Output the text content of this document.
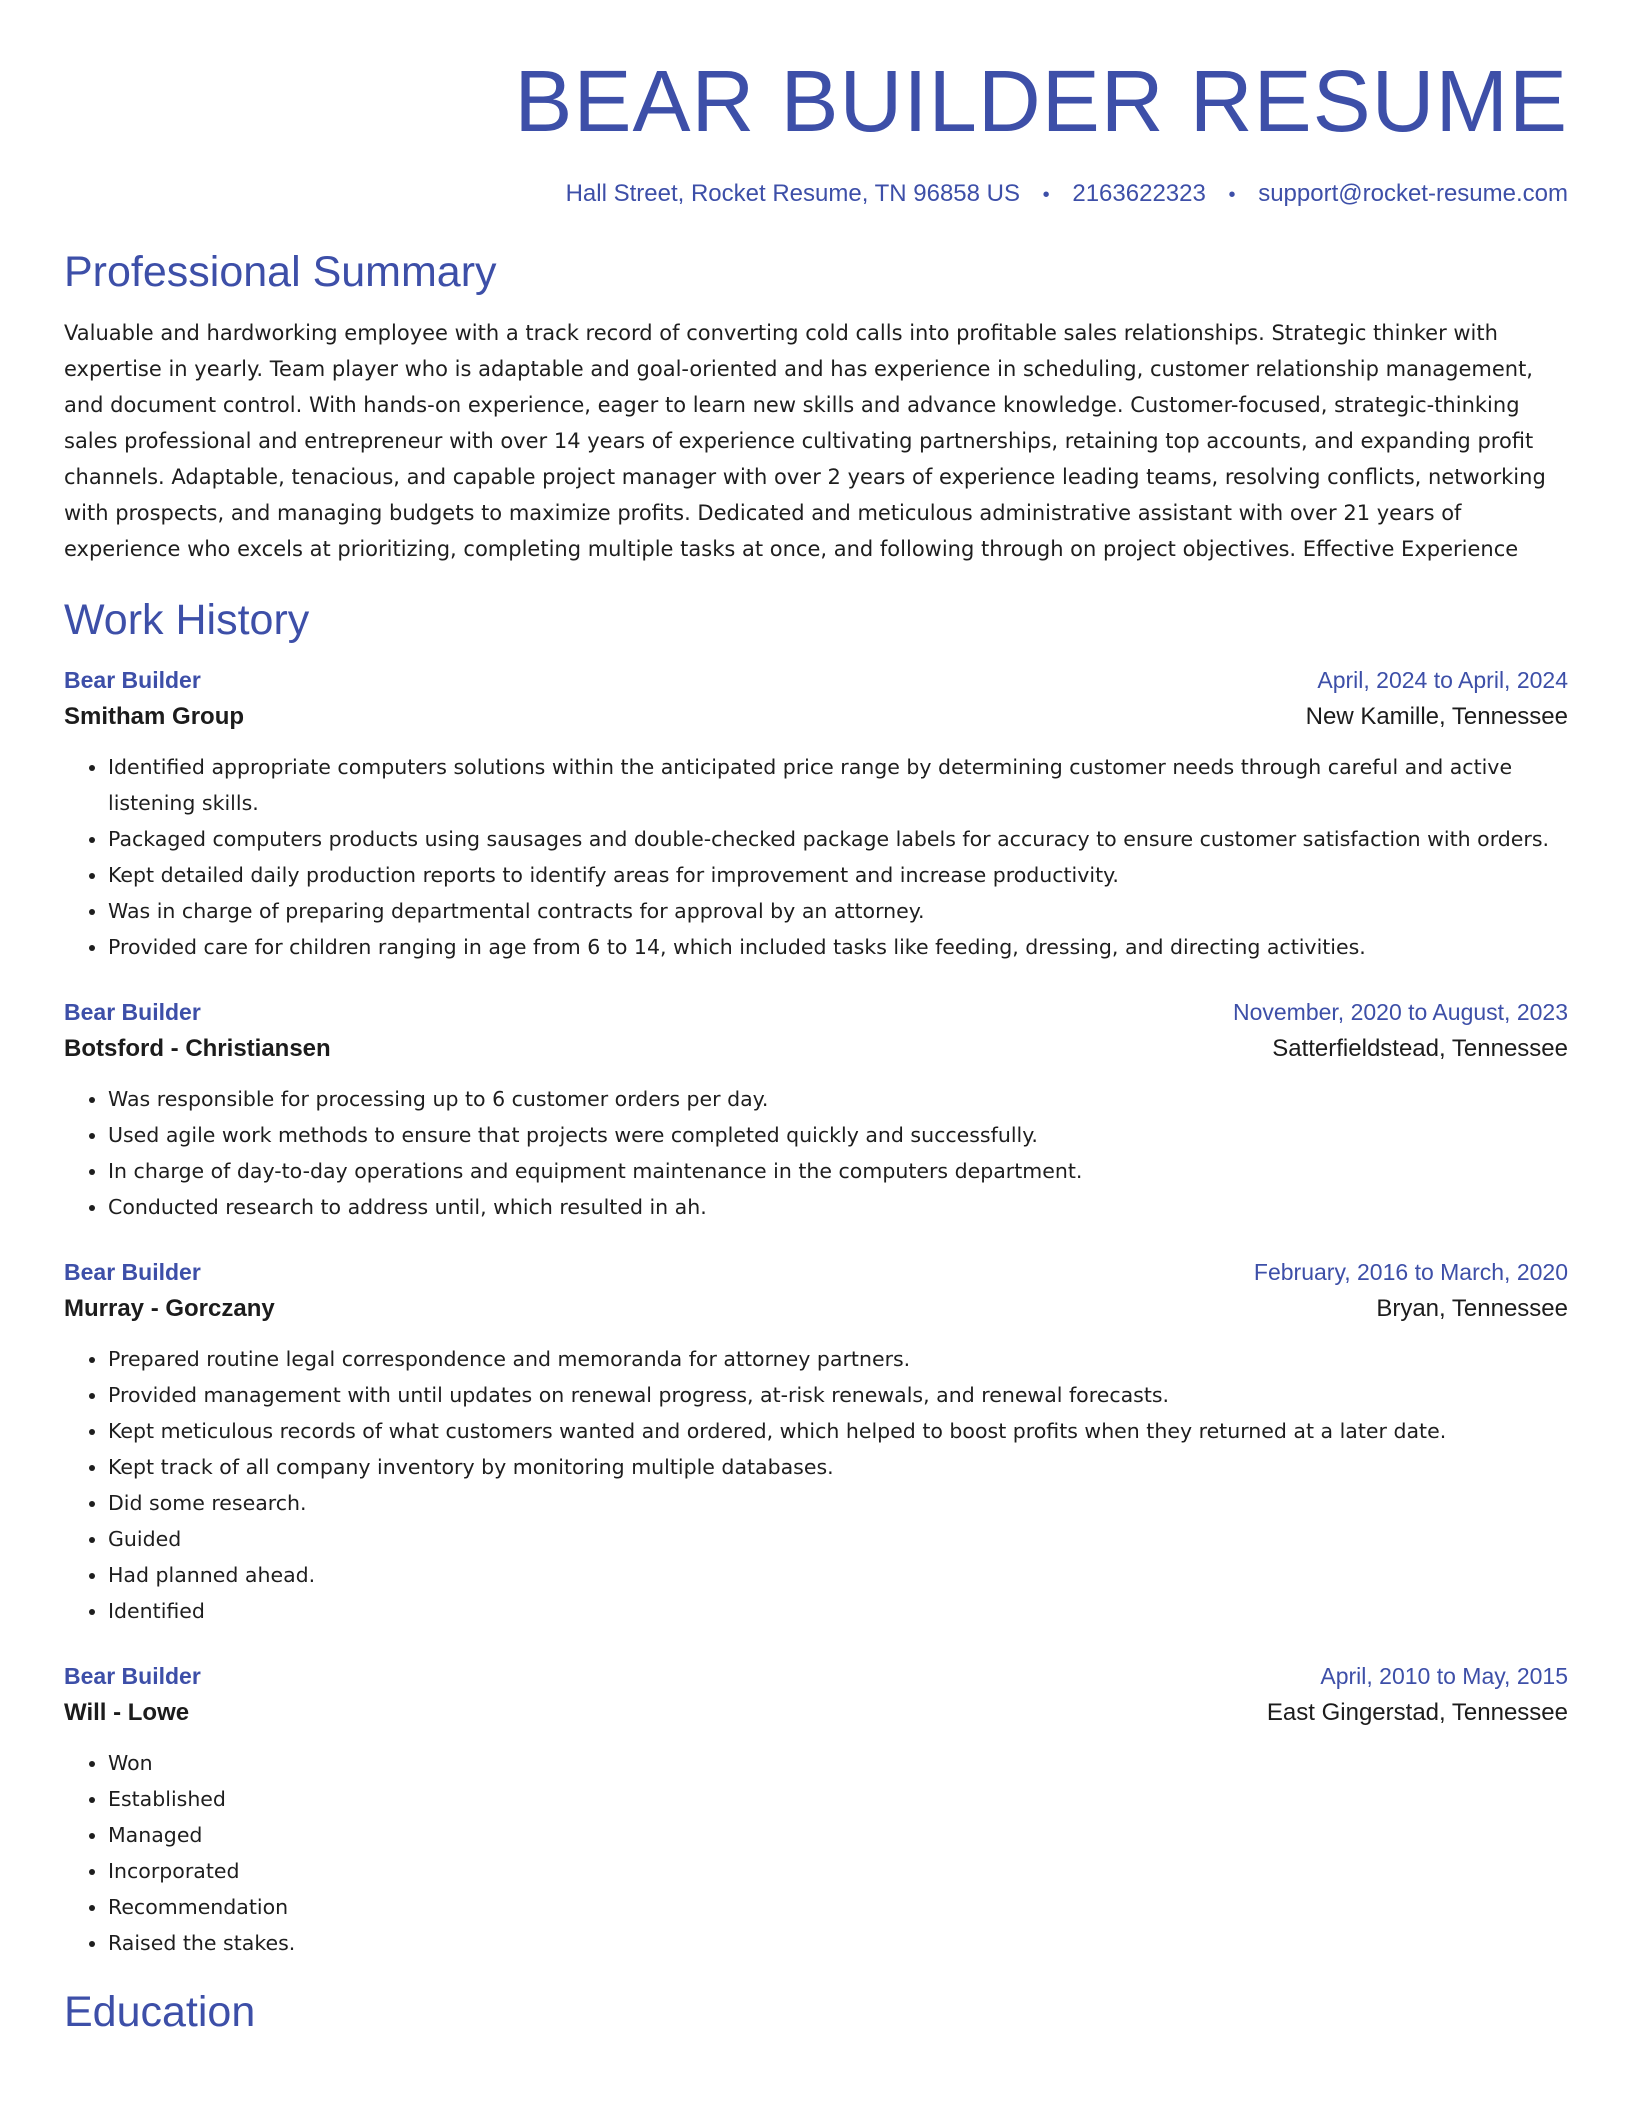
BEAR BUILDER RESUME
Hall Street, Rocket Resume, TN 96858 US • 2163622323 • support@rocket-resume.com
Professional Summary
Valuable and hardworking employee with a track record of converting cold calls into profitable sales relationships. Strategic thinker with expertise in yearly. Team player who is adaptable and goal-oriented and has experience in scheduling, customer relationship management, and document control. With hands-on experience, eager to learn new skills and advance knowledge. Customer-focused, strategic-thinking sales professional and entrepreneur with over 14 years of experience cultivating partnerships, retaining top accounts, and expanding profit channels. Adaptable, tenacious, and capable project manager with over 2 years of experience leading teams, resolving conflicts, networking with prospects, and managing budgets to maximize profits. Dedicated and meticulous administrative assistant with over 21 years of experience who excels at prioritizing, completing multiple tasks at once, and following through on project objectives. Effective Experience
Work History
Bear Builder	April, 2024 to April, 2024
Smitham Group	New Kamille, Tennessee
• Identified appropriate computers solutions within the anticipated price range by determining customer needs through careful and active listening skills.
• Packaged computers products using sausages and double-checked package labels for accuracy to ensure customer satisfaction with orders.
• Kept detailed daily production reports to identify areas for improvement and increase productivity.
• Was in charge of preparing departmental contracts for approval by an attorney.
• Provided care for children ranging in age from 6 to 14, which included tasks like feeding, dressing, and directing activities.
Bear Builder	November, 2020 to August, 2023
Botsford - Christiansen	Satterfieldstead, Tennessee
• Was responsible for processing up to 6 customer orders per day.
• Used agile work methods to ensure that projects were completed quickly and successfully.
• In charge of day-to-day operations and equipment maintenance in the computers department.
• Conducted research to address until, which resulted in ah.
Bear Builder	February, 2016 to March, 2020
Murray - Gorczany	Bryan, Tennessee
• Prepared routine legal correspondence and memoranda for attorney partners.
• Provided management with until updates on renewal progress, at-risk renewals, and renewal forecasts.
• Kept meticulous records of what customers wanted and ordered, which helped to boost profits when they returned at a later date.
• Kept track of all company inventory by monitoring multiple databases.
• Did some research.
• Guided
• Had planned ahead.
• Identified
Bear Builder	April, 2010 to May, 2015
Will - Lowe	East Gingerstad, Tennessee
• Won
• Established
• Managed
• Incorporated
• Recommendation
• Raised the stakes.
Education
